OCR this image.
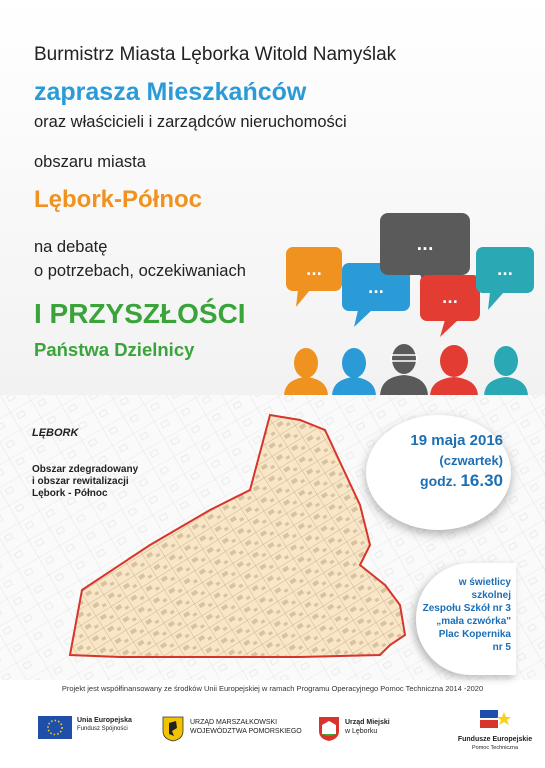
Burmistrz Miasta Lęborka Witold Namyślak
zaprasza Mieszkańców
oraz właścicieli i zarządców nieruchomości
obszaru miasta
Lębork-Północ
na debatę
o potrzebach, oczekiwaniach
I PRZYSZŁOŚCI
Państwa Dzielnicy
...
...
...
...
...
LĘBORK
Obszar zdegradowany
i obszar rewitalizacji
Lębork - Północ
19 maja 2016
(czwartek)
godz. 16.30
w świetlicy
szkolnej
Zespołu Szkół nr 3
„mała czwórka"
Plac Kopernika
nr 5
Projekt jest współfinansowany ze środków Unii Europejskiej w ramach Programu Operacyjnego Pomoc Techniczna 2014 -2020
Unia Europejska
Fundusz Spójności
URZĄD MARSZAŁKOWSKI
WOJEWÓDZTWA POMORSKIEGO
Urząd Miejski
w Lęborku
Fundusze Europejskie
Pomoc Techniczna
